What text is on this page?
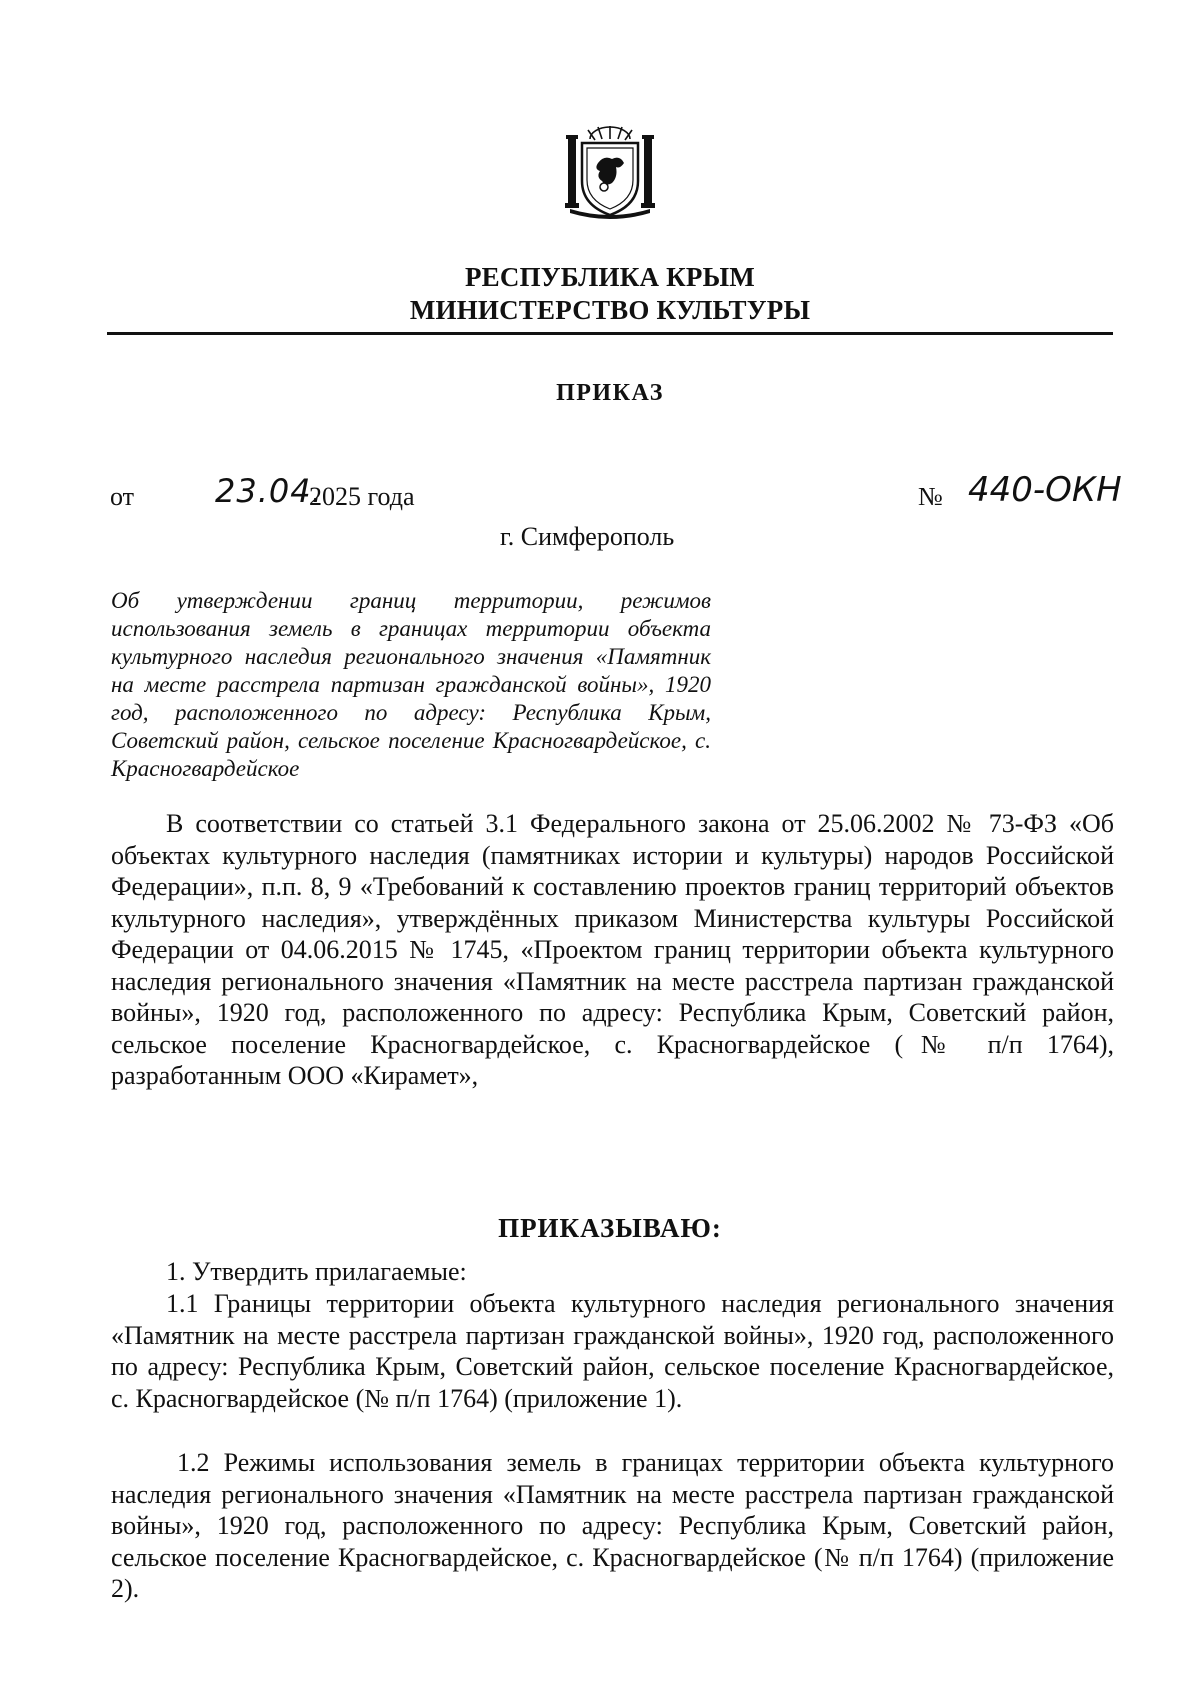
РЕСПУБЛИКА КРЫМ
МИНИСТЕРСТВО КУЛЬТУРЫ
ПРИКАЗ
от	23.04.
2025 года	№ 440-ОКН
г. Симферополь
Об утверждении границ территории, режимов использования земель в границах территории объекта культурного наследия регионального значения «Памятник на месте расстрела партизан гражданской войны», 1920 год, расположенного по адресу: Республика Крым, Советский район, сельское поселение Красногвардейское, с. Красногвардейское
В соответствии со статьей 3.1 Федерального закона от 25.06.2002 № 73-ФЗ «Об объектах культурного наследия (памятниках истории и культуры) народов Российской Федерации», п.п. 8, 9 «Требований к составлению проектов границ территорий объектов культурного наследия», утверждённых приказом Министерства культуры Российской Федерации от 04.06.2015 № 1745, «Проектом границ территории объекта культурного наследия регионального значения «Памятник на месте расстрела партизан гражданской войны», 1920 год, расположенного по адресу: Республика Крым, Советский район, сельское поселение Красногвардейское, с. Красногвардейское (№ п/п 1764), разработанным ООО «Кирамет»,
ПРИКАЗЫВАЮ:
1. Утвердить прилагаемые:
1.1 Границы территории объекта культурного наследия регионального значения «Памятник на месте расстрела партизан гражданской войны», 1920 год, расположенного по адресу: Республика Крым, Советский район, сельское поселение Красногвардейское, с. Красногвардейское (№ п/п 1764) (приложение 1).
1.2 Режимы использования земель в границах территории объекта культурного наследия регионального значения «Памятник на месте расстрела партизан гражданской войны», 1920 год, расположенного по адресу: Республика Крым, Советский район, сельское поселение Красногвардейское, с. Красногвардейское (№ п/п 1764) (приложение 2).
